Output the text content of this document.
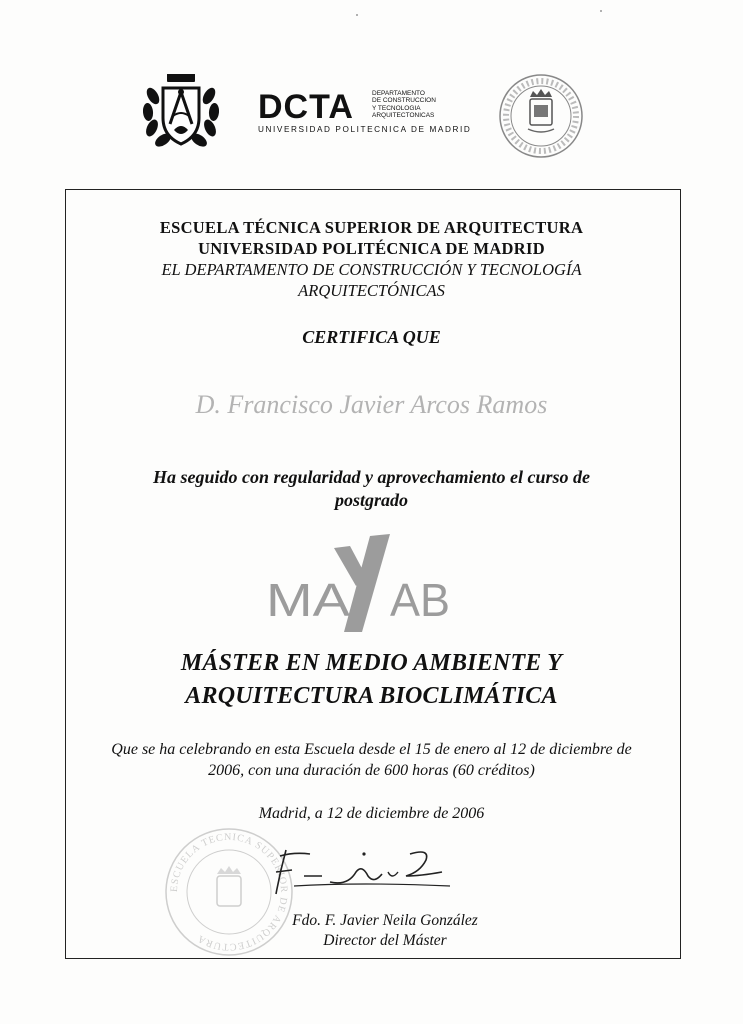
DCTA	DEPARTAMENTO
DE CONSTRUCCION
Y TECNOLOGIA
ARQUITECTONICAS
UNIVERSIDAD POLITECNICA DE MADRID
ESCUELA TÉCNICA SUPERIOR DE ARQUITECTURA
UNIVERSIDAD POLITÉCNICA DE MADRID
EL DEPARTAMENTO DE CONSTRUCCIÓN Y TECNOLOGÍA
ARQUITECTÓNICAS
CERTIFICA QUE
D. Francisco Javier Arcos Ramos
Ha seguido con regularidad y aprovechamiento el curso de
postgrado
MA AB
MÁSTER EN MEDIO AMBIENTE Y
ARQUITECTURA BIOCLIMÁTICA
Que se ha celebrando en esta Escuela desde el 15 de enero al 12 de diciembre de
2006, con una duración de 600 horas (60 créditos)
Madrid, a 12 de diciembre de 2006
ESCUELA TECNICA SUPERIOR DE ARQUITECTURA
Fdo. F. Javier Neila González
Director del Máster
